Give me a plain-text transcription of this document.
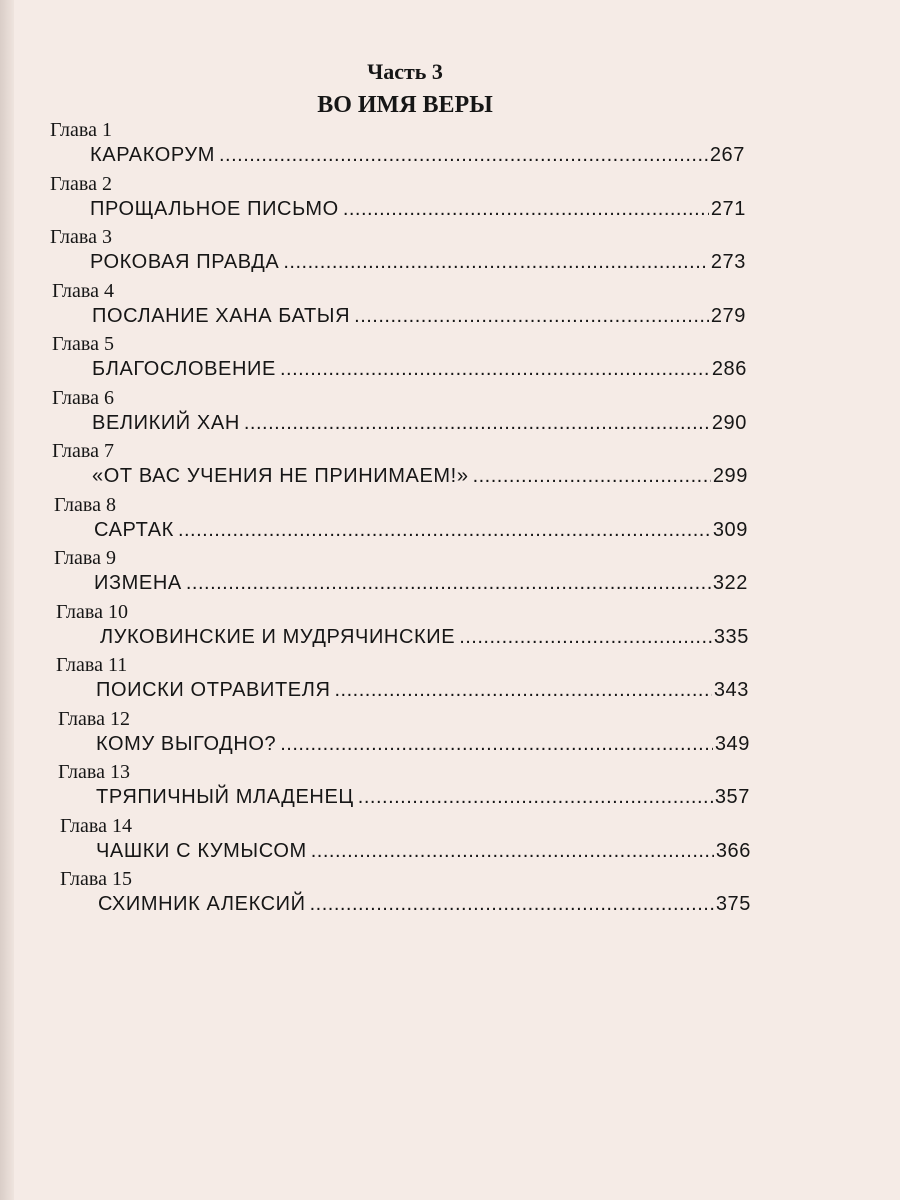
Часть 3
ВО ИМЯ ВЕРЫ
Глава 1
КАРАКОРУМ .....	267
Глава 2
ПРОЩАЛЬНОЕ ПИСЬМО .....	271
Глава 3
РОКОВАЯ ПРАВДА .....	273
Глава 4
ПОСЛАНИЕ ХАНА БАТЫЯ .....	279
Глава 5
БЛАГОСЛОВЕНИЕ .....	286
Глава 6
ВЕЛИКИЙ ХАН .....	290
Глава 7
«ОТ ВАС УЧЕНИЯ НЕ ПРИНИМАЕМ!» .....	299
Глава 8
САРТАК .....	309
Глава 9
ИЗМЕНА .....	322
Глава 10
ЛУКОВИНСКИЕ И МУДРЯЧИНСКИЕ .....	335
Глава 11
ПОИСКИ ОТРАВИТЕЛЯ .....	343
Глава 12
КОМУ ВЫГОДНО? .....	349
Глава 13
ТРЯПИЧНЫЙ МЛАДЕНЕЦ .....	357
Глава 14
ЧАШКИ С КУМЫСОМ .....	366
Глава 15
СХИМНИК АЛЕКСИЙ .....	375
